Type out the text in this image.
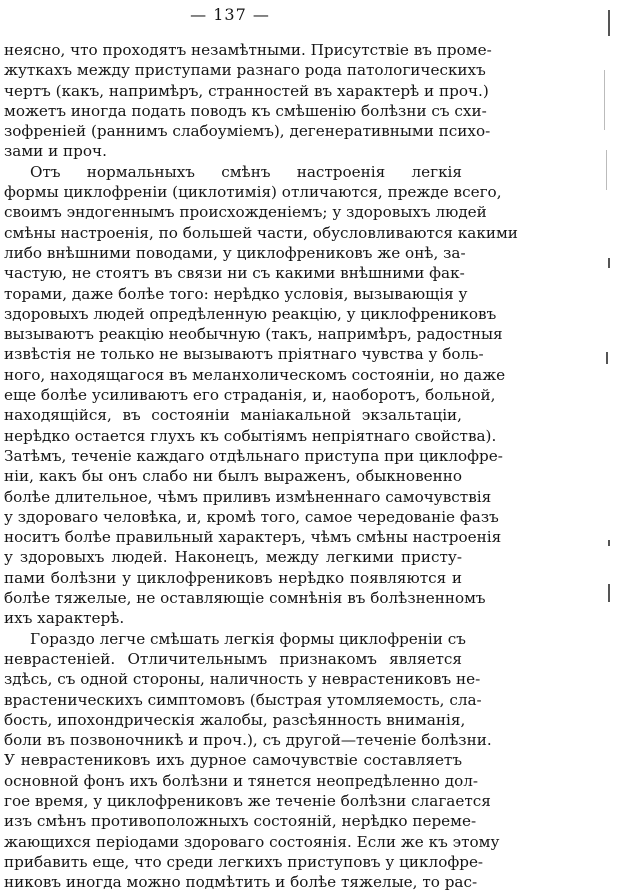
— 137 —
неясно, что проходятъ незамѣтными. Присутствіе въ проме-
жуткахъ между приступами разнаго рода патологическихъ
чертъ (какъ, напримѣръ, странностей въ характерѣ и проч.)
можетъ иногда подать поводъ къ смѣшенію болѣзни съ схи-
зофреніей (раннимъ слабоуміемъ), дегенеративными психо-
зами и проч.
Отъ нормальныхъ смѣнъ настроенія легкія
формы циклофреніи (циклотимія) отличаются, прежде всего,
своимъ эндогеннымъ происхожденіемъ; у здоровыхъ людей
смѣны настроенія, по большей части, обусловливаются какими
либо внѣшними поводами, у циклофрениковъ же онѣ, за-
частую, не стоятъ въ связи ни съ какими внѣшними фак-
торами, даже болѣе того: нерѣдко условія, вызывающія у
здоровыхъ людей опредѣленную реакцію, у циклофрениковъ
вызываютъ реакцію необычную (такъ, напримѣръ, радостныя
извѣстія не только не вызываютъ пріятнаго чувства у боль-
ного, находящагося въ меланхолическомъ состояніи, но даже
еще болѣе усиливаютъ его страданія, и, наоборотъ, больной,
находящійся, въ состояніи маніакальной экзальтаціи,
нерѣдко остается глухъ къ событіямъ непріятнаго свойства).
Затѣмъ, теченіе каждаго отдѣльнаго приступа при циклофре-
ніи, какъ бы онъ слабо ни былъ выраженъ, обыкновенно
болѣе длительное, чѣмъ приливъ измѣненнаго самочувствія
у здороваго человѣка, и, кромѣ того, самое чередованіе фазъ
носитъ болѣе правильный характеръ, чѣмъ смѣны настроенія
у здоровыхъ людей. Наконецъ, между легкими присту-
пами болѣзни у циклофрениковъ нерѣдко появляются и
болѣе тяжелые, не оставляющіе сомнѣнія въ болѣзненномъ
ихъ характерѣ.
Гораздо легче смѣшать легкія формы циклофреніи съ
неврастеніей. Отличительнымъ признакомъ является
здѣсь, съ одной стороны, наличность у неврастениковъ не-
врастеническихъ симптомовъ (быстрая утомляемость, сла-
бость, ипохондрическія жалобы, разсѣянность вниманія,
боли въ позвоночникѣ и проч.), съ другой—теченіе болѣзни.
У неврастениковъ ихъ дурное самочувствіе составляетъ
основной фонъ ихъ болѣзни и тянется неопредѣленно дол-
гое время, у циклофрениковъ же теченіе болѣзни слагается
изъ смѣнъ противоположныхъ состояній, нерѣдко переме-
жающихся періодами здороваго состоянія. Если же къ этому
прибавить еще, что среди легкихъ приступовъ у циклофре-
никовъ иногда можно подмѣтить и болѣе тяжелые, то рас-
